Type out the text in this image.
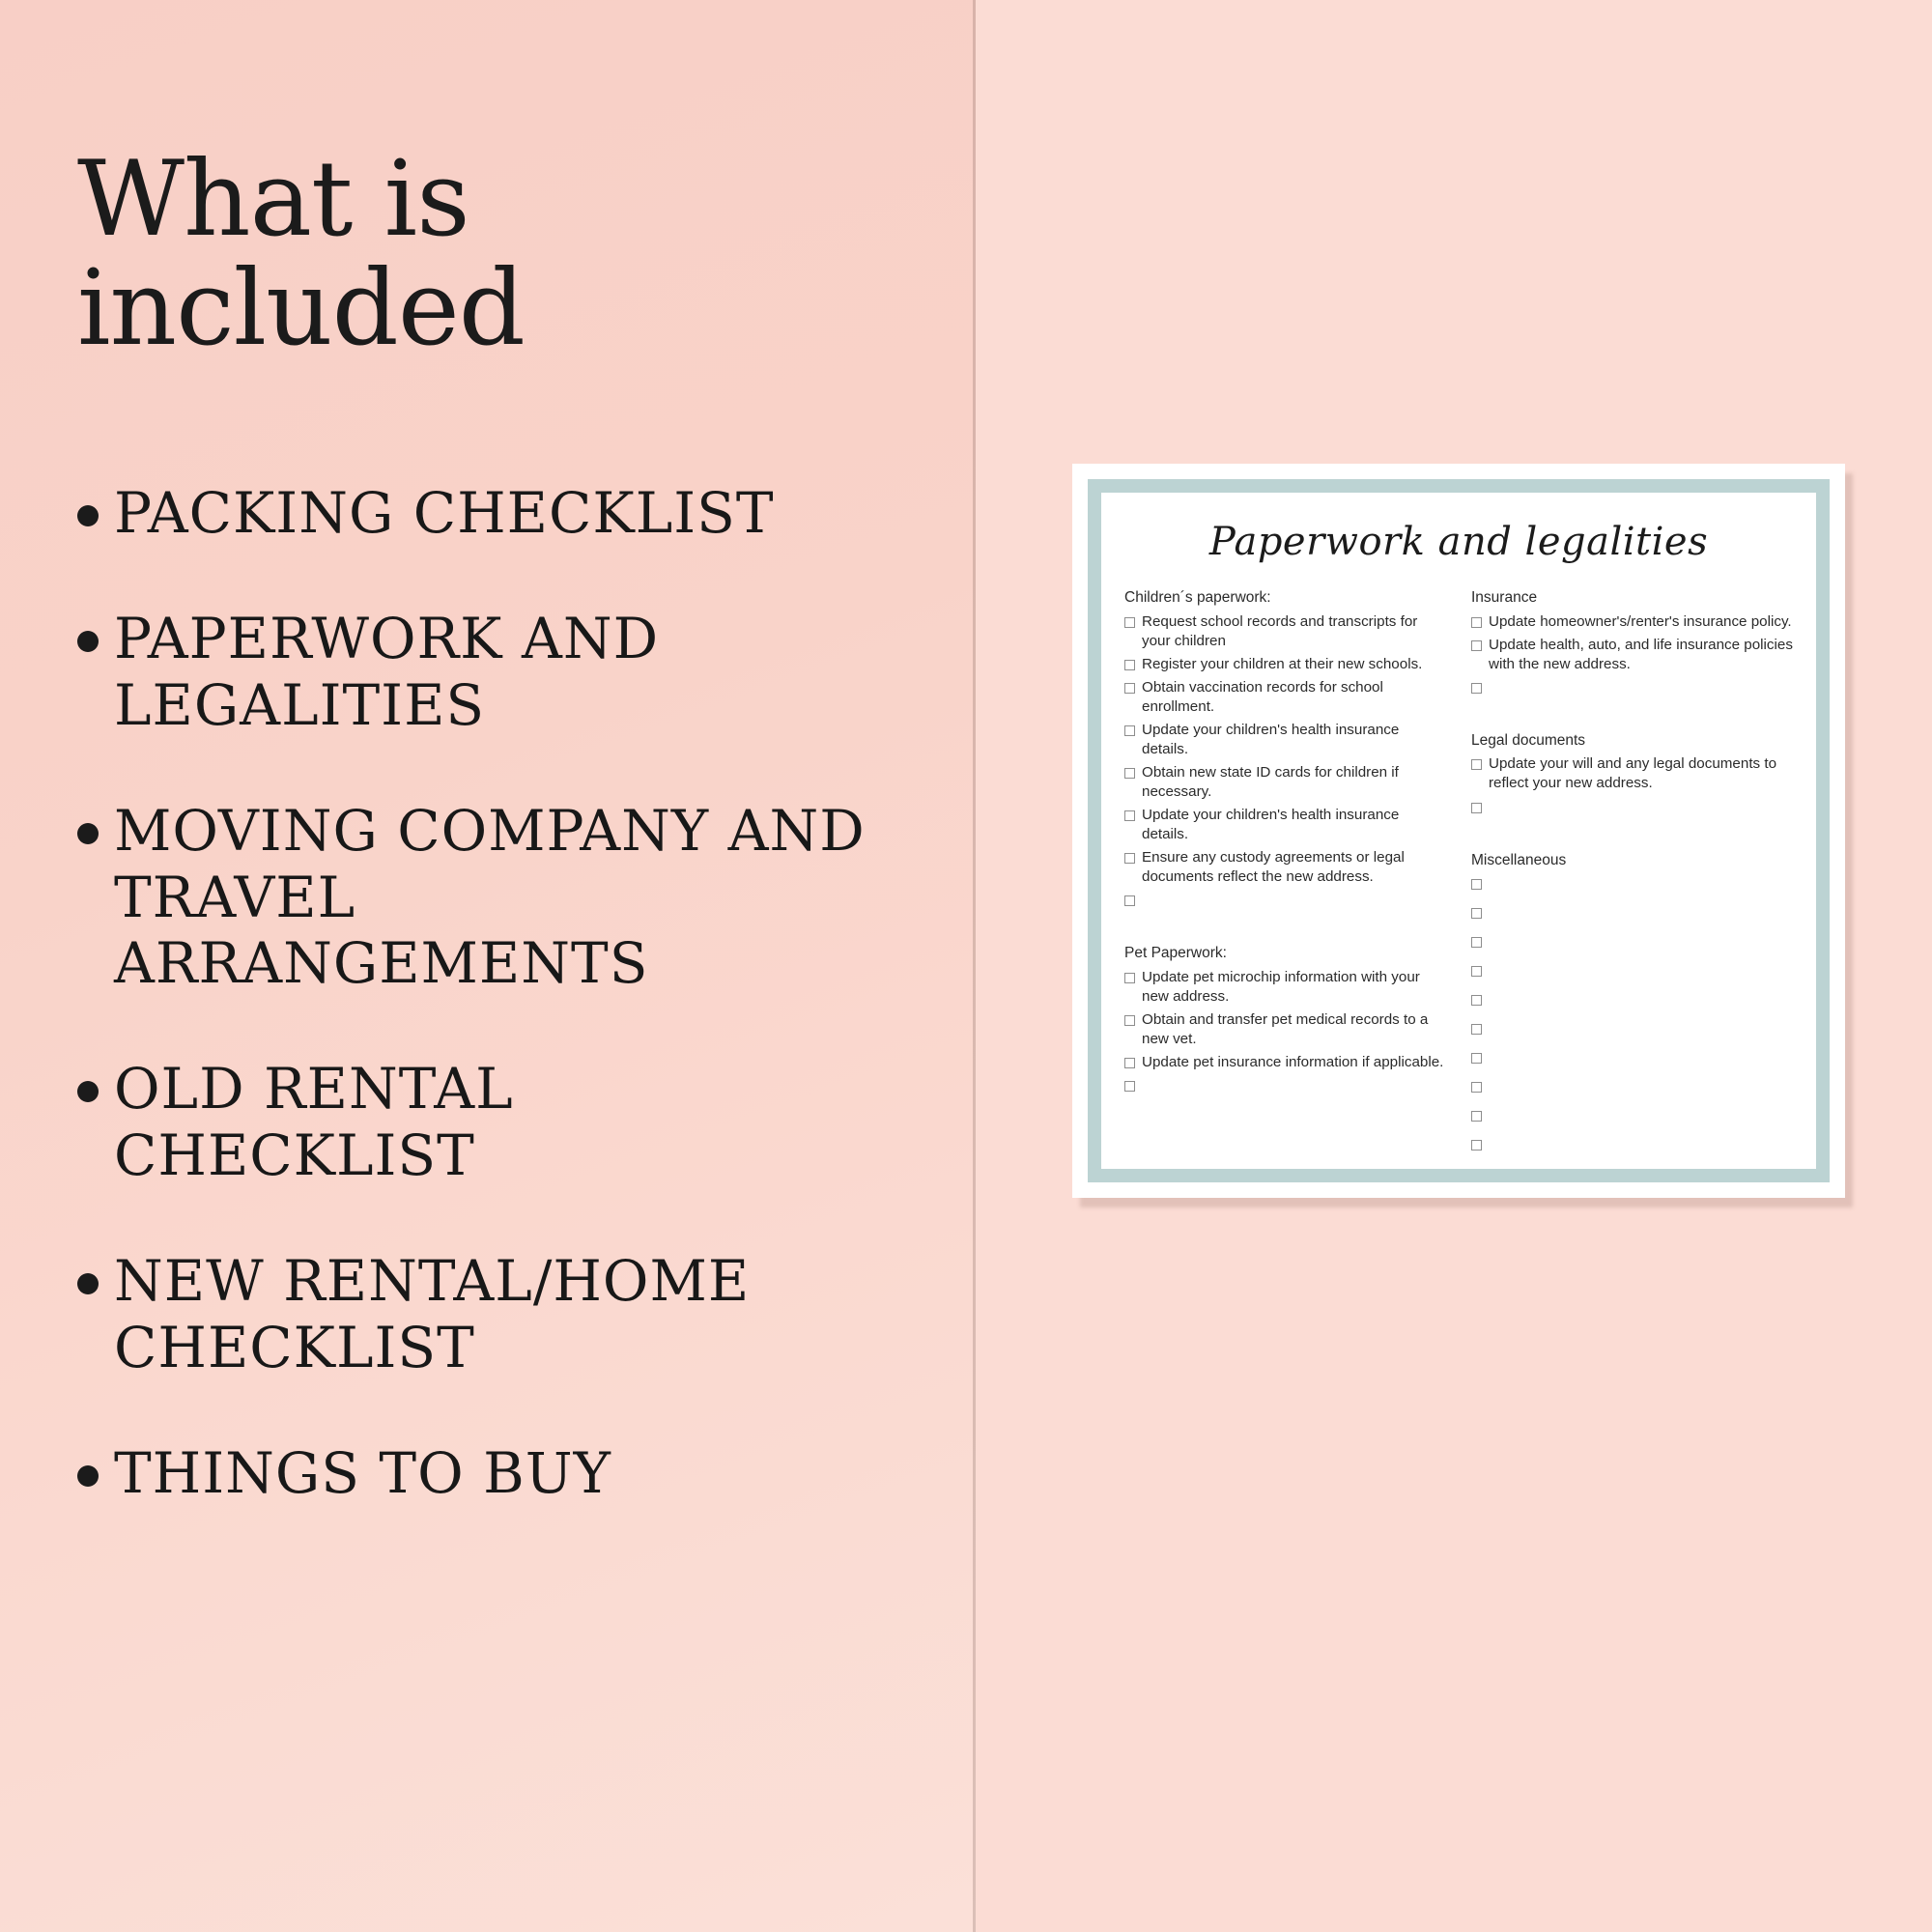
What is included
PACKING CHECKLIST
PAPERWORK AND LEGALITIES
MOVING COMPANY AND TRAVEL ARRANGEMENTS
OLD RENTAL CHECKLIST
NEW RENTAL/HOME CHECKLIST
THINGS TO BUY
Paperwork and legalities
Children´s paperwork:
Request school records and transcripts for your children
Register your children at their new schools.
Obtain vaccination records for school enrollment.
Update your children's health insurance details.
Obtain new state ID cards for children if necessary.
Update your children's health insurance details.
Ensure any custody agreements or legal documents reflect the new address.
Pet Paperwork:
Update pet microchip information with your new address.
Obtain and transfer pet medical records to a new vet.
Update pet insurance information if applicable.
Insurance
Update homeowner's/renter's insurance policy.
Update health, auto, and life insurance policies with the new address.
Legal documents
Update your will and any legal documents to reflect your new address.
Miscellaneous
